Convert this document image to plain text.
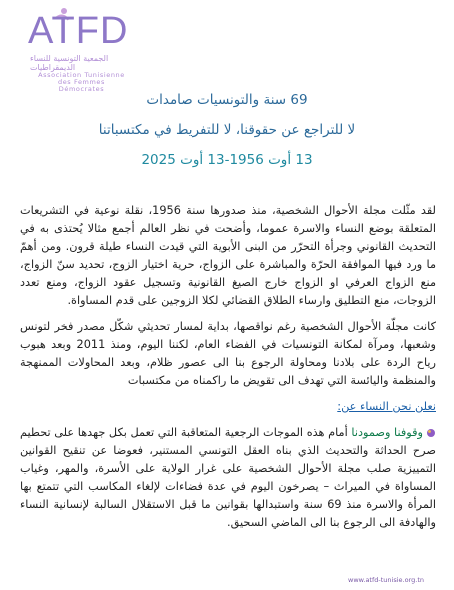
ATFD
الجمعية التونسية للنساء الديمقراطيات
Association Tunisienne
des Femmes Démocrates

69 سنة والتونسيات صامدات

لا للتراجع عن حقوقنا، لا للتفريط في مكتسباتنا

13 أوت 1956-13 أوت 2025

لقد مثّلت مجلة الأحوال الشخصية، منذ صدورها سنة 1956، نقلة نوعية في التشريعات المتعلقة بوضع النساء والاسرة عموما، وأضحت في نظر العالم أجمع مثالا يُحتذى به في التحديث القانوني وجرأة التحرّر من البنى الأبوية التي قيدت النساء طيلة قرون. ومن أهمّ ما ورد فيها الموافقة الحرّة والمباشرة على الزواج، حرية اختيار الزوج، تحديد سنّ الزواج، منع الزواج العرفي او الزواج خارج الصيغ القانونية وتسجيل عقود الزواج، ومنع تعدد الزوجات، منع التطليق وارساء الطلاق القضائي لكلا الزوجين على قدم المساواة.

كانت مجلّة الأحوال الشخصية رغم نواقصها، بداية لمسار تحديثي شكّل مصدر فخر لتونس وشعبها، ومرآة لمكانة التونسيات في الفضاء العام، لكننا اليوم، ومنذ 2011 وبعد هبوب رياح الردة على بلادنا ومحاولة الرجوع بنا الى عصور ظلام، وبعد المحاولات الممنهجة والمنظمة واليائسة التي تهدف الى تقويض ما راكمناه من مكتسبات

نعلن نحن النساء عن:

وقوفنا وصمودنا أمام هذه الموجات الرجعية المتعاقبة التي تعمل بكل جهدها على تحطيم صرح الحداثة والتحديث الذي بناه العقل التونسي المستنير، فعوضا عن تنقيح القوانين التمييزية صلب مجلة الأحوال الشخصية على غرار الولاية على الأسرة، والمهر، وغياب المساواة في الميراث – يصرخون اليوم في عدة فضاءات لإلغاء المكاسب التي تتمتع بها المرأة والاسرة منذ 69 سنة واستبدالها بقوانين ما قبل الاستقلال السالبة لإنسانية النساء والهادفة الى الرجوع بنا الى الماضي السحيق.

www.atfd-tunisie.org.tn
